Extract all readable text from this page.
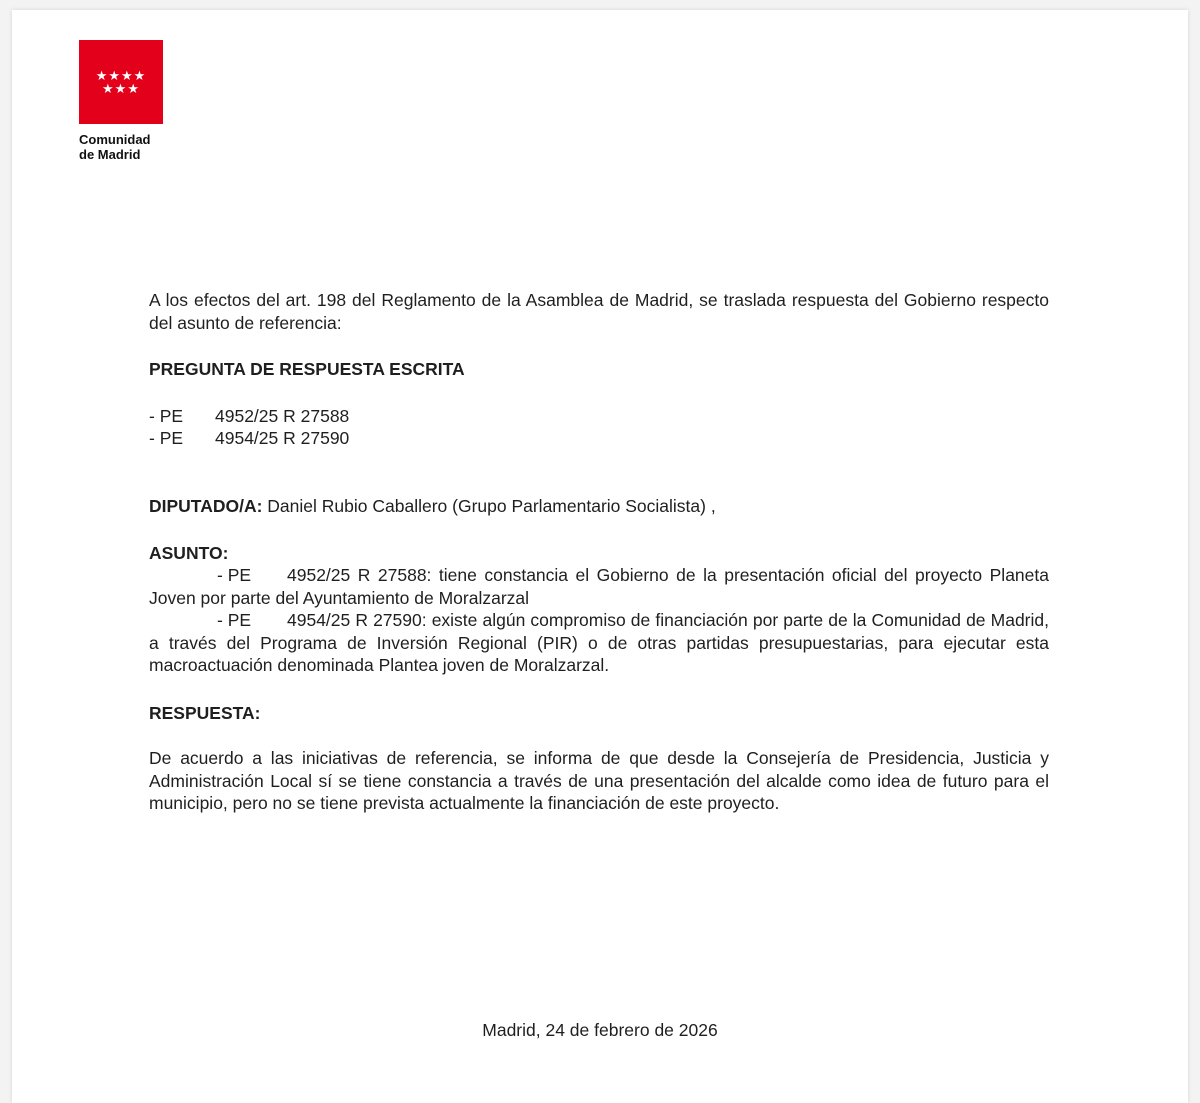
★★★★
★★★
Comunidad
de Madrid
A los efectos del art. 198 del Reglamento de la Asamblea de Madrid, se traslada respuesta del Gobierno respecto del asunto de referencia:
PREGUNTA DE RESPUESTA ESCRITA
- PE 4952/25 R 27588
- PE 4954/25 R 27590
DIPUTADO/A: Daniel Rubio Caballero (Grupo Parlamentario Socialista) ,
ASUNTO:
- PE 4952/25 R 27588: tiene constancia el Gobierno de la presentación oficial del proyecto Planeta Joven por parte del Ayuntamiento de Moralzarzal
- PE 4954/25 R 27590: existe algún compromiso de financiación por parte de la Comunidad de Madrid, a través del Programa de Inversión Regional (PIR) o de otras partidas presupuestarias, para ejecutar esta macroactuación denominada Plantea joven de Moralzarzal.
RESPUESTA:
De acuerdo a las iniciativas de referencia, se informa de que desde la Consejería de Presidencia, Justicia y Administración Local sí se tiene constancia a través de una presentación del alcalde como idea de futuro para el municipio, pero no se tiene prevista actualmente la financiación de este proyecto.
Madrid, 24 de febrero de 2026
